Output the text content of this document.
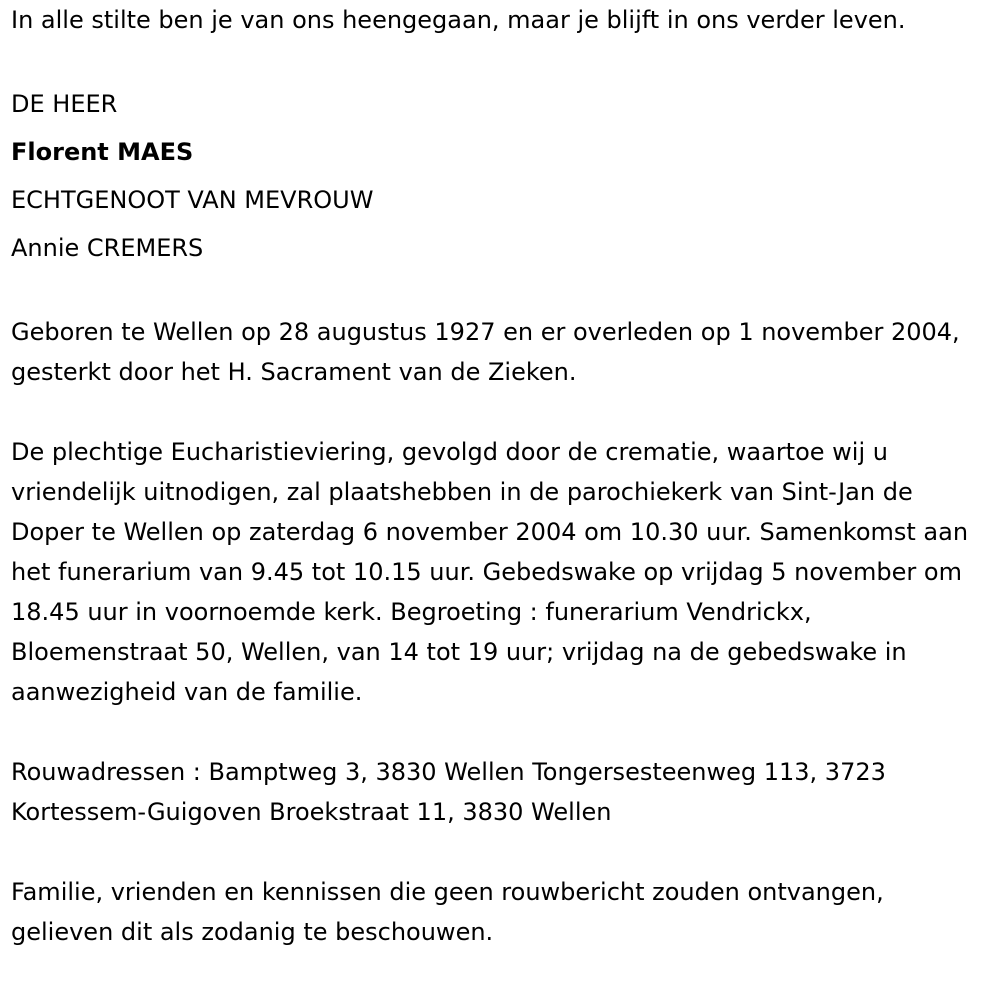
In alle stilte ben je van ons heengegaan, maar je blijft in ons verder leven.

DE HEER
Florent MAES
ECHTGENOOT VAN MEVROUW
Annie CREMERS

Geboren te Wellen op 28 augustus 1927 en er overleden op 1 november 2004, gesterkt door het H. Sacrament van de Zieken.

De plechtige Eucharistieviering, gevolgd door de crematie, waartoe wij u vriendelijk uitnodigen, zal plaatshebben in de parochiekerk van Sint-Jan de Doper te Wellen op zaterdag 6 november 2004 om 10.30 uur. Samenkomst aan het funerarium van 9.45 tot 10.15 uur. Gebedswake op vrijdag 5 november om 18.45 uur in voornoemde kerk. Begroeting : funerarium Vendrickx, Bloemenstraat 50, Wellen, van 14 tot 19 uur; vrijdag na de gebedswake in aanwezigheid van de familie.

Rouwadressen : Bamptweg 3, 3830 Wellen Tongersesteenweg 113, 3723 Kortessem-Guigoven Broekstraat 11, 3830 Wellen

Familie, vrienden en kennissen die geen rouwbericht zouden ontvangen, gelieven dit als zodanig te beschouwen.
